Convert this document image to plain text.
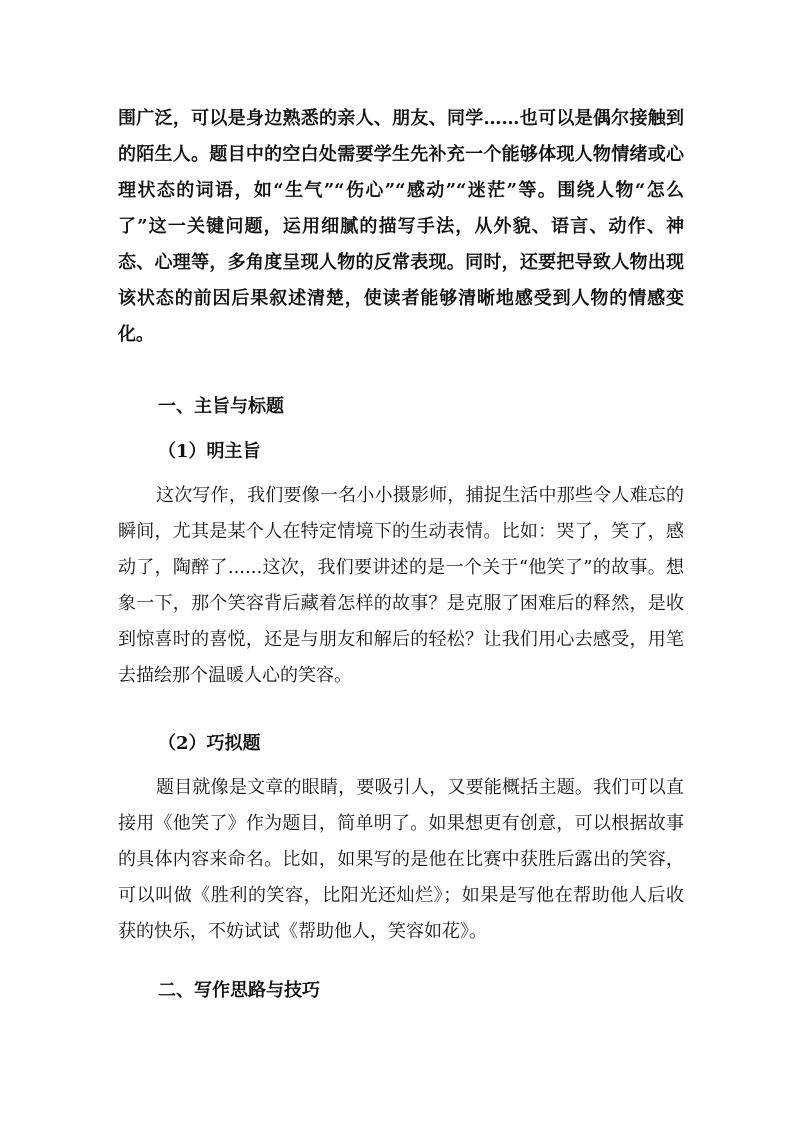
围广泛，可以是身边熟悉的亲人、朋友、同学……也可以是偶尔接触到的陌生人。题目中的空白处需要学生先补充一个能够体现人物情绪或心理状态的词语，如“生气”“伤心”“感动”“迷茫”等。围绕人物“怎么了”这一关键问题，运用细腻的描写手法，从外貌、语言、动作、神态、心理等，多角度呈现人物的反常表现。同时，还要把导致人物出现该状态的前因后果叙述清楚，使读者能够清晰地感受到人物的情感变化。

一、主旨与标题
（1）明主旨

这次写作，我们要像一名小小摄影师，捕捉生活中那些令人难忘的瞬间，尤其是某个人在特定情境下的生动表情。比如：哭了，笑了，感动了，陶醉了......这次，我们要讲述的是一个关于“他笑了”的故事。想象一下，那个笑容背后藏着怎样的故事？是克服了困难后的释然，是收到惊喜时的喜悦，还是与朋友和解后的轻松？让我们用心去感受，用笔去描绘那个温暖人心的笑容。

（2）巧拟题

题目就像是文章的眼睛，要吸引人，又要能概括主题。我们可以直接用《他笑了》作为题目，简单明了。如果想更有创意，可以根据故事的具体内容来命名。比如，如果写的是他在比赛中获胜后露出的笑容，可以叫做《胜利的笑容，比阳光还灿烂》；如果是写他在帮助他人后收获的快乐，不妨试试《帮助他人，笑容如花》。

二、写作思路与技巧
